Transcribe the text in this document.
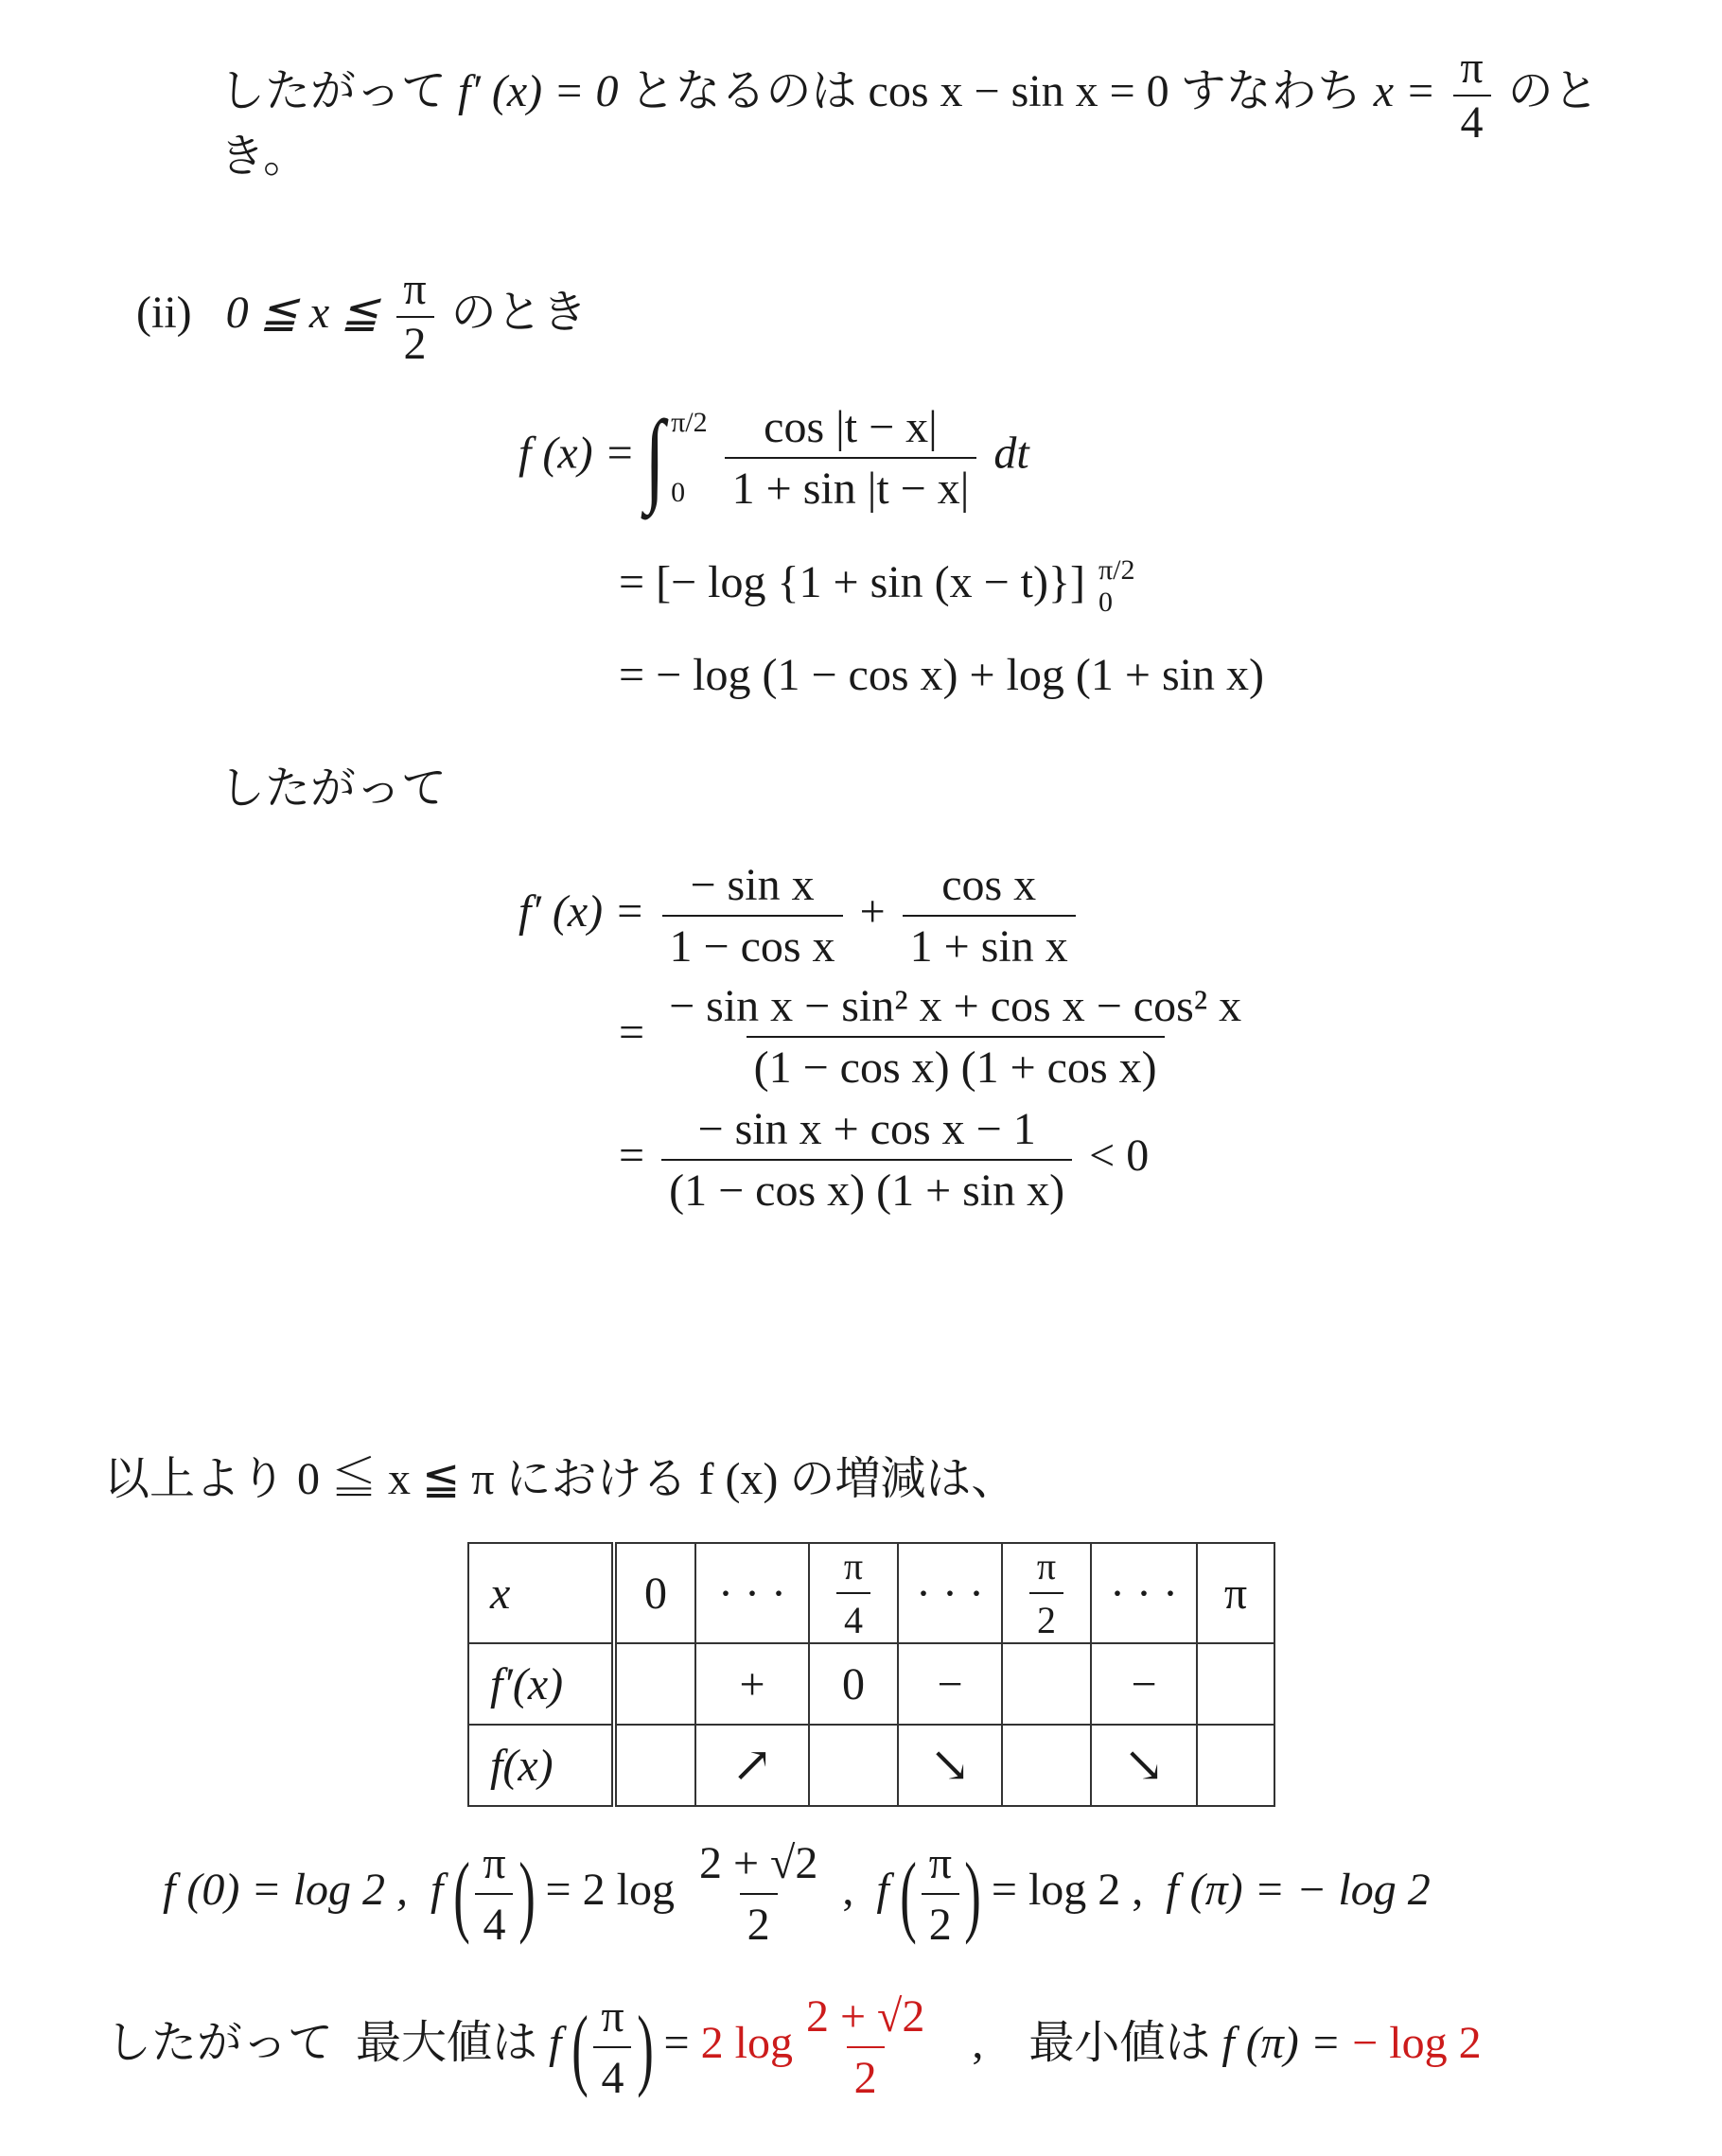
したがって f′ (x) = 0 となるのは cos x − sin x = 0 すなわち $x = \frac{\pi}{4}$ のと
き。
(ii) 0 ≦ x ≦ $\frac{\pi}{2}$ のとき
f (x) = ∫ π/2
0
$\frac{\cos |t - x|}{1 + \sin |t - x|}$ dt
= [− log {1 + sin (x − t)}] π/2
0
= − log (1 − cos x) + log (1 + sin x)
したがって
f′ $(x) = \frac{\text{− sin x}}{\text{1 − cos x}} + \frac{\text{cos x}}{\text{1 + sin x}}$
= $\frac{\text{− sin x − sin² x + cos x − cos² x}}{\text{(1 − cos x) (1 + cos x)}}$
= $\frac{\text{− sin x + cos x − 1}}{\text{(1 − cos x) (1 + sin x)}} < 0$
以上より 0 ≦ x ≦ π における f (x) の増減は、
x	0	· · ·	$\frac{\pi}{4}$	· · ·	$\frac{\pi}{2}$	· · ·	π
f′(x)		+	0	−		−	
f(x)		↗		↘		↘	
f (0) = log 2 , f ( $\frac{\pi}{4}$ ) = 2 $\log \frac{2 + √2}{2}$ , f ( $\frac{\pi}{2}$ ) = log 2 , f (π) = − log 2
したがって 最大値は f ( $\frac{\pi}{4}$ ) = 2 $\log \frac{2 + √2}{2}$ , 最小値は f (π) = − log 2
